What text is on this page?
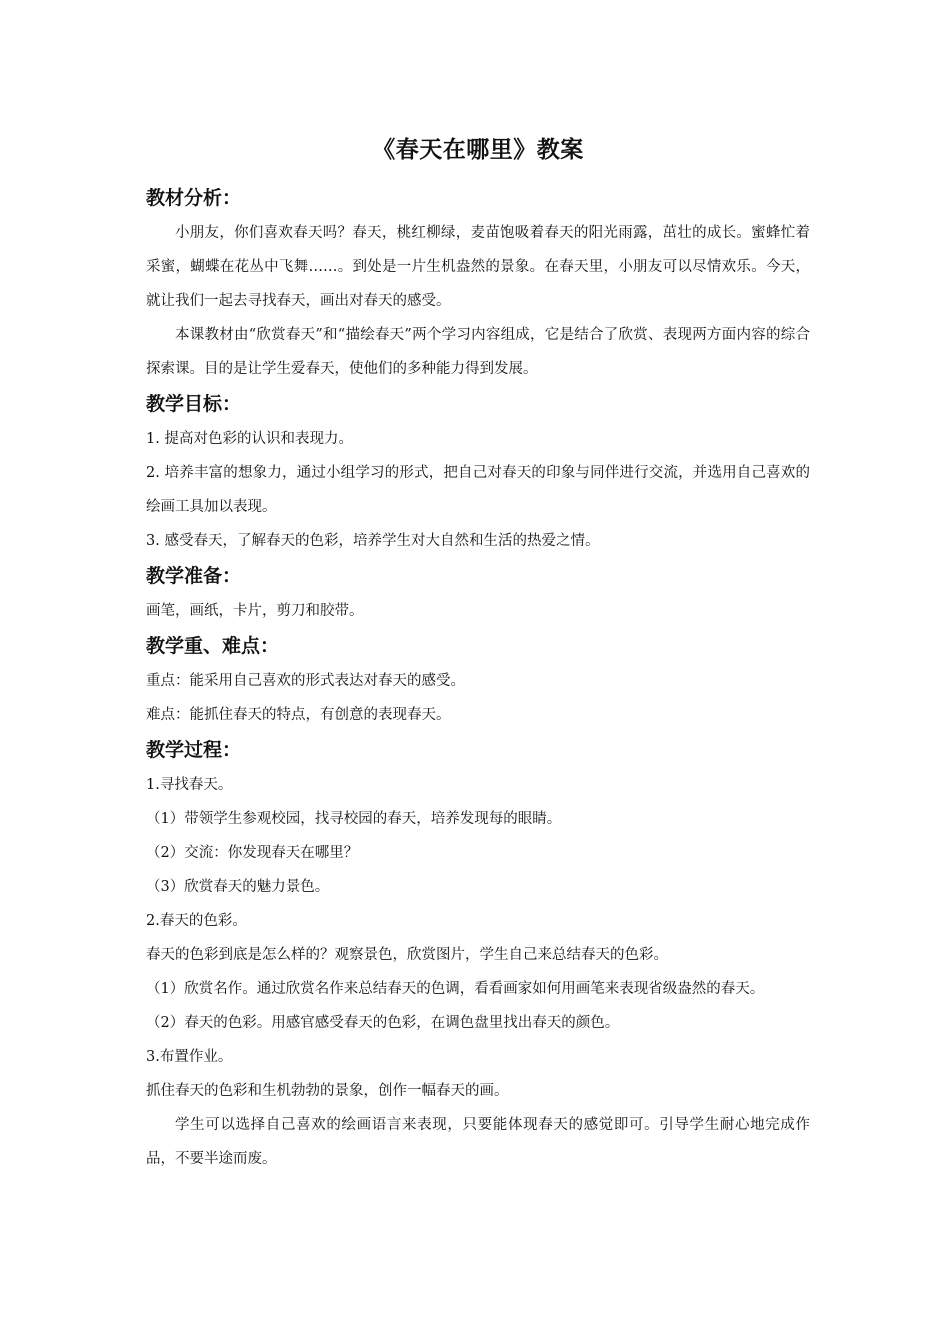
《春天在哪里》教案
教材分析：

小朋友，你们喜欢春天吗？春天，桃红柳绿，麦苗饱吸着春天的阳光雨露，茁壮的成长。蜜蜂忙着采蜜，蝴蝶在花丛中飞舞……。到处是一片生机盎然的景象。在春天里，小朋友可以尽情欢乐。今天，就让我们一起去寻找春天，画出对春天的感受。

本课教材由“欣赏春天”和“描绘春天”两个学习内容组成，它是结合了欣赏、表现两方面内容的综合探索课。目的是让学生爱春天，使他们的多种能力得到发展。

教学目标：

1. 提高对色彩的认识和表现力。

2. 培养丰富的想象力，通过小组学习的形式，把自己对春天的印象与同伴进行交流，并选用自己喜欢的绘画工具加以表现。

3. 感受春天，了解春天的色彩，培养学生对大自然和生活的热爱之情。

教学准备：

画笔，画纸，卡片，剪刀和胶带。

教学重、难点：

重点：能采用自己喜欢的形式表达对春天的感受。

难点：能抓住春天的特点，有创意的表现春天。

教学过程：

1.寻找春天。

（1）带领学生参观校园，找寻校园的春天，培养发现每的眼睛。

（2）交流：你发现春天在哪里？

（3）欣赏春天的魅力景色。

2.春天的色彩。

春天的色彩到底是怎么样的？观察景色，欣赏图片，学生自己来总结春天的色彩。

（1）欣赏名作。通过欣赏名作来总结春天的色调，看看画家如何用画笔来表现省级盎然的春天。

（2）春天的色彩。用感官感受春天的色彩，在调色盘里找出春天的颜色。

3.布置作业。

抓住春天的色彩和生机勃勃的景象，创作一幅春天的画。

学生可以选择自己喜欢的绘画语言来表现，只要能体现春天的感觉即可。引导学生耐心地完成作品，不要半途而废。
